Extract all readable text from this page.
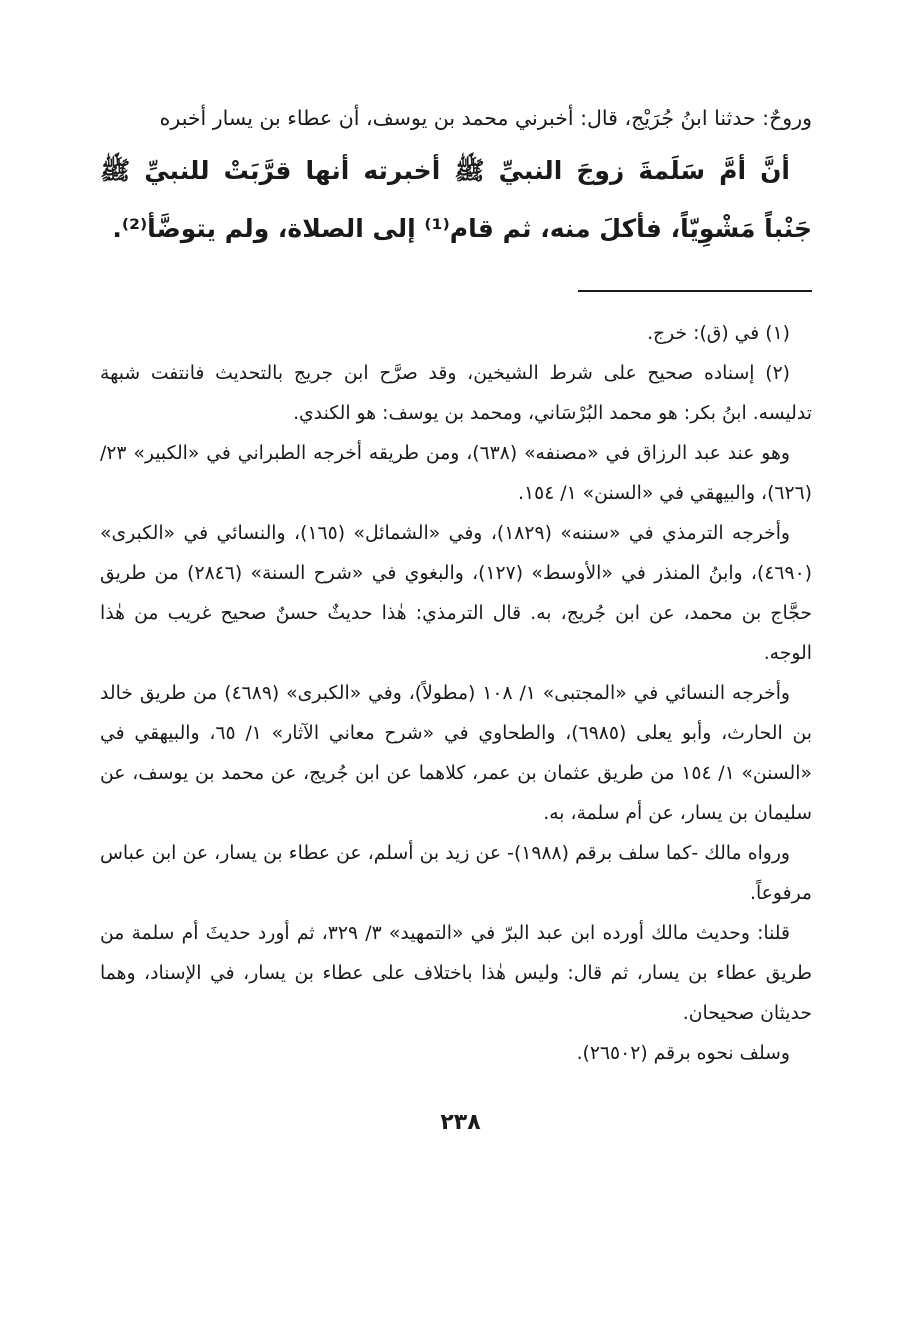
وروحٌ: حدثنا ابنُ جُرَيْج، قال: أخبرني محمد بن يوسف، أن عطاء بن يسار أخبره

أنَّ أمَّ سَلَمةَ زوجَ النبيِّ ﷺ أخبرته أنها قرَّبَتْ للنبيِّ ﷺ جَنْباً مَشْوِيّاً، فأكلَ منه، ثم قام⁽¹⁾ إلى الصلاة، ولم يتوضَّأ⁽²⁾.

(١) في (ق): خرج.

(٢) إسناده صحيح على شرط الشيخين، وقد صرَّح ابن جريج بالتحديث فانتفت شبهة تدليسه. ابنُ بكر: هو محمد البُرْسَاني، ومحمد بن يوسف: هو الكندي.

وهو عند عبد الرزاق في «مصنفه» (٦٣٨)، ومن طريقه أخرجه الطبراني في «الكبير» ٢٣/ (٦٢٦)، والبيهقي في «السنن» ١/ ١٥٤.

وأخرجه الترمذي في «سننه» (١٨٢٩)، وفي «الشمائل» (١٦٥)، والنسائي في «الكبرى» (٤٦٩٠)، وابنُ المنذر في «الأوسط» (١٢٧)، والبغوي في «شرح السنة» (٢٨٤٦) من طريق حجَّاج بن محمد، عن ابن جُريج، به. قال الترمذي: هٰذا حديثٌ حسنٌ صحيح غريب من هٰذا الوجه.

وأخرجه النسائي في «المجتبى» ١/ ١٠٨ (مطولاً)، وفي «الكبرى» (٤٦٨٩) من طريق خالد بن الحارث، وأبو يعلى (٦٩٨٥)، والطحاوي في «شرح معاني الآثار» ١/ ٦٥، والبيهقي في «السنن» ١/ ١٥٤ من طريق عثمان بن عمر، كلاهما عن ابن جُريج، عن محمد بن يوسف، عن سليمان بن يسار، عن أم سلمة، به.

ورواه مالك -كما سلف برقم (١٩٨٨)- عن زيد بن أسلم، عن عطاء بن يسار، عن ابن عباس مرفوعاً.

قلنا: وحديث مالك أورده ابن عبد البرّ في «التمهيد» ٣/ ٣٢٩، ثم أورد حديثَ أم سلمة من طريق عطاء بن يسار، ثم قال: وليس هٰذا باختلاف على عطاء بن يسار، في الإسناد، وهما حديثان صحيحان.

وسلف نحوه برقم (٢٦٥٠٢).

٢٣٨
